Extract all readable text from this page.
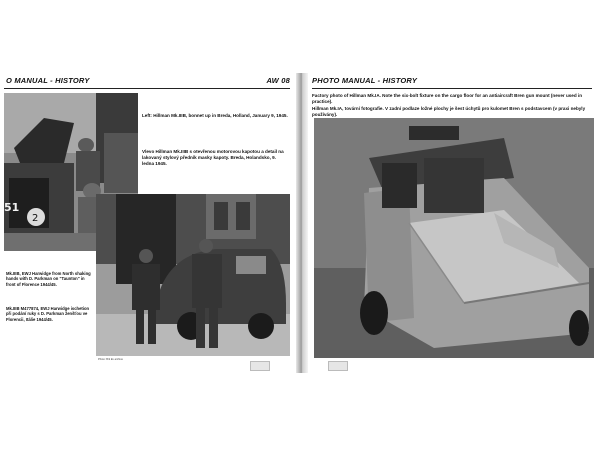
O MANUAL - HISTORY	AW 08
2
51
Left: Hillman Mk.IIIB, bonnet up in Breda, Holland, January 9, 1945.
Vlevo Hillman Mk.IIIB s otevřenou motorovou kapotou a detail na lakovaný stylový předník masky kapoty. Breda, Holandsko, 9. ledna 1945.
Mk.IIIB, EWJ Harwidge from North shaking hands with D. Parkman on "Taunton" in front of Florence 1944/45.
Mk.IIIB M477874, EWJ Harwidge ischetion při podání ruky s D. Parkman ženšťou ve Florencii, Itálie 1944/45.
Photo: Brit Ex archive
PHOTO MANUAL - HISTORY
Factory photo of Hillman Mk.IA. Note the six-bolt fixture on the cargo floor for an antiaircraft Bren gun mount (never used in practice).
Hillman Mk.IA, tovární fotografie. V zadní podlaze ložné plochy je šest úchytů pro kulomet Bren s podstavcem (v praxi nebyly používány).
